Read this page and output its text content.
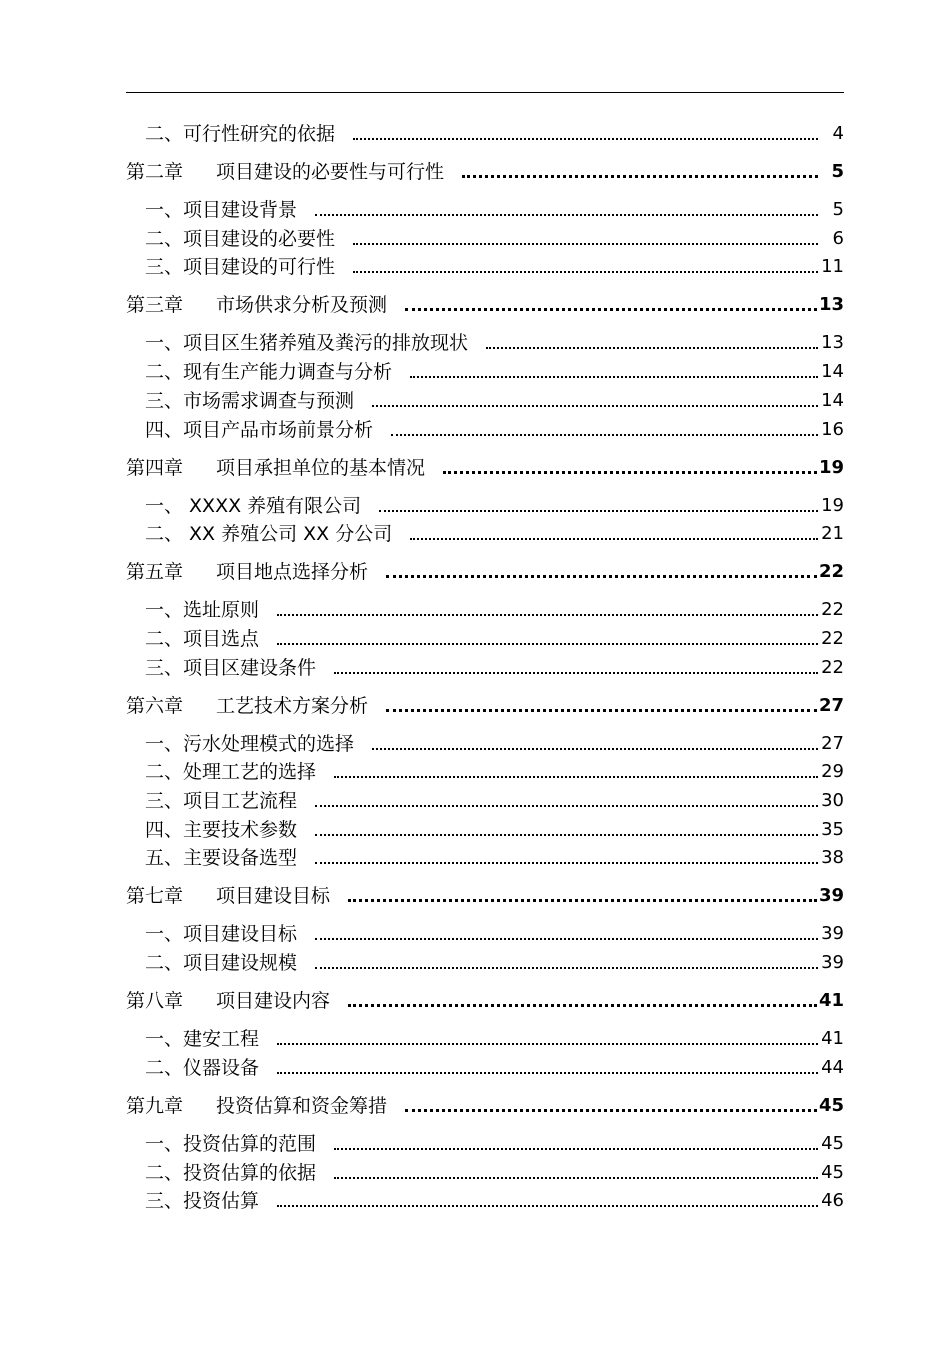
二、可行性研究的依据	4
第二章 项目建设的必要性与可行性	5
一、项目建设背景	5
二、项目建设的必要性	6
三、项目建设的可行性	11
第三章 市场供求分析及预测	13
一、项目区生猪养殖及粪污的排放现状	13
二、现有生产能力调查与分析	14
三、市场需求调查与预测	14
四、项目产品市场前景分析	16
第四章 项目承担单位的基本情况	19
一、 XXXX 养殖有限公司	19
二、 XX 养殖公司 XX 分公司	21
第五章 项目地点选择分析	22
一、选址原则	22
二、项目选点	22
三、项目区建设条件	22
第六章 工艺技术方案分析	27
一、污水处理模式的选择	27
二、处理工艺的选择	29
三、项目工艺流程	30
四、主要技术参数	35
五、主要设备选型	38
第七章 项目建设目标	39
一、项目建设目标	39
二、项目建设规模	39
第八章 项目建设内容	41
一、建安工程	41
二、仪器设备	44
第九章 投资估算和资金筹措	45
一、投资估算的范围	45
二、投资估算的依据	45
三、投资估算	46
